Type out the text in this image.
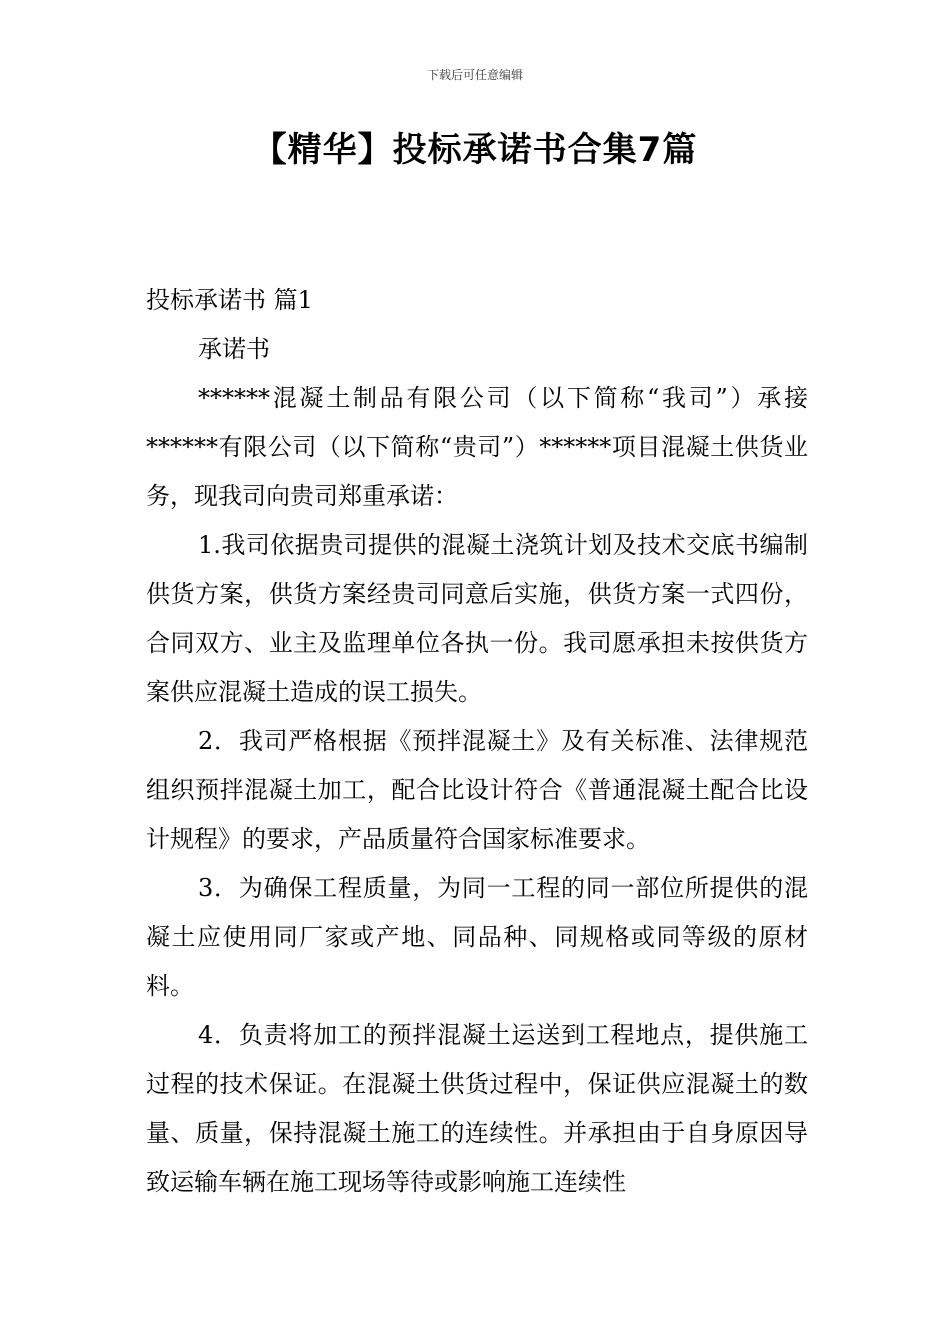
下载后可任意编辑
【精华】投标承诺书合集7篇

投标承诺书 篇1

承诺书

******混凝土制品有限公司（以下简称“我司”）承接******有限公司（以下简称“贵司”）******项目混凝土供货业务，现我司向贵司郑重承诺：

1.我司依据贵司提供的混凝土浇筑计划及技术交底书编制供货方案，供货方案经贵司同意后实施，供货方案一式四份，合同双方、业主及监理单位各执一份。我司愿承担未按供货方案供应混凝土造成的误工损失。

2．我司严格根据《预拌混凝土》及有关标准、法律规范组织预拌混凝土加工，配合比设计符合《普通混凝土配合比设计规程》的要求，产品质量符合国家标准要求。

3．为确保工程质量，为同一工程的同一部位所提供的混凝土应使用同厂家或产地、同品种、同规格或同等级的原材料。

4．负责将加工的预拌混凝土运送到工程地点，提供施工过程的技术保证。在混凝土供货过程中，保证供应混凝土的数量、质量，保持混凝土施工的连续性。并承担由于自身原因导致运输车辆在施工现场等待或影响施工连续性
